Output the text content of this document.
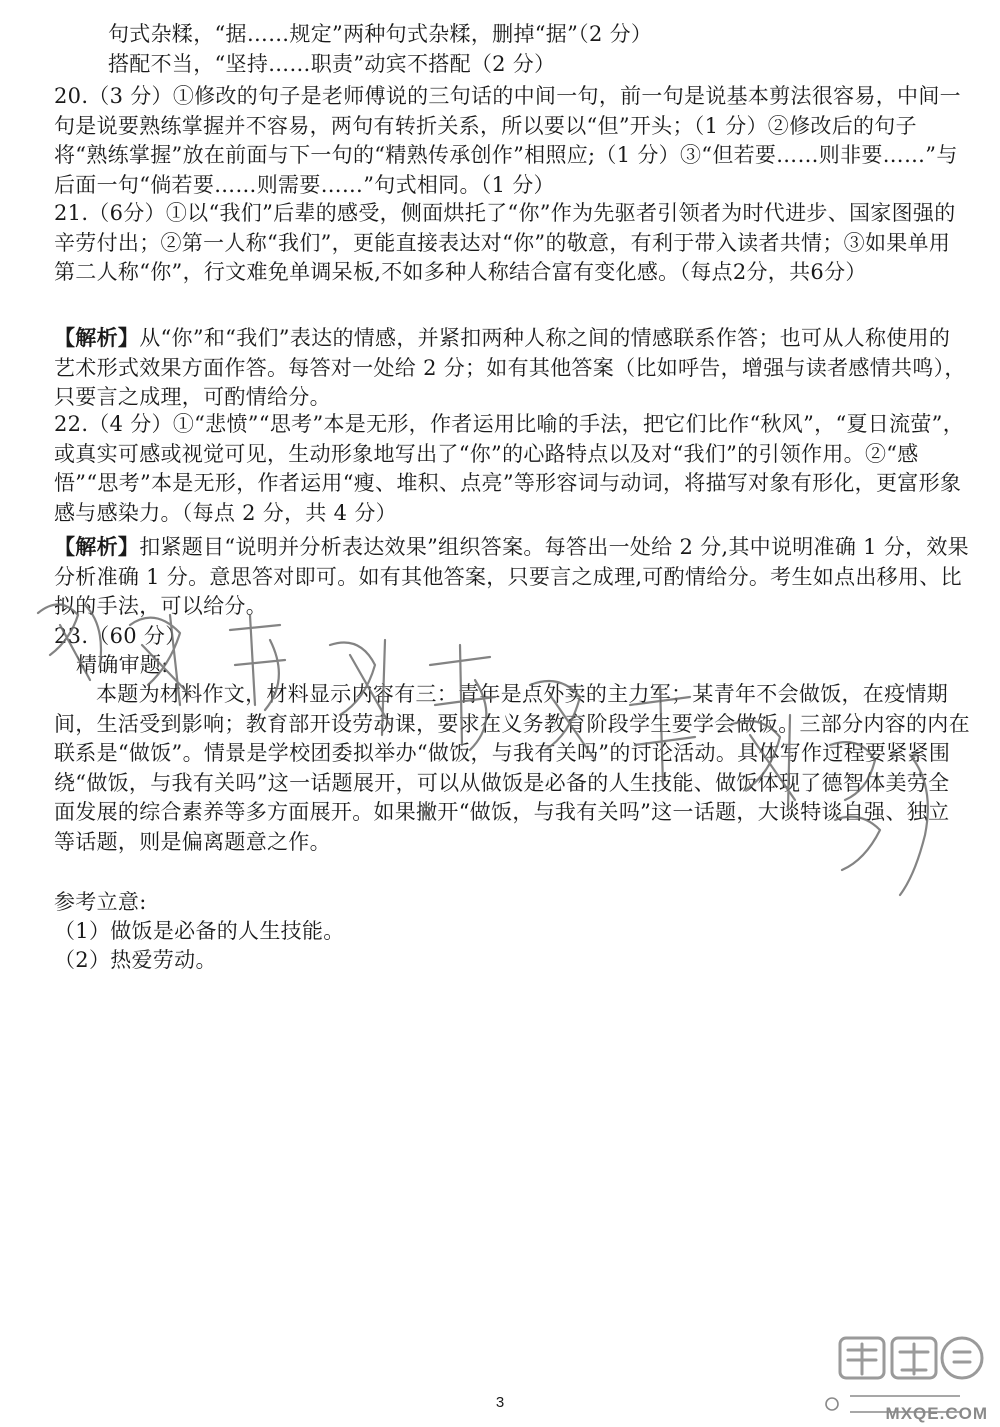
句式杂糅，“据……规定”两种句式杂糅，删掉“据”（2 分）

搭配不当，“坚持……职责”动宾不搭配（2 分）

20.（3 分）①修改的句子是老师傅说的三句话的中间一句，前一句是说基本剪法很容易，中间一句是说要熟练掌握并不容易，两句有转折关系，所以要以“但”开头；（1 分）②修改后的句子将“熟练掌握”放在前面与下一句的“精熟传承创作”相照应;（1 分）③“但若要……则非要……”与后面一句“倘若要……则需要……”句式相同。（1 分）

21.（6分）①以“我们”后辈的感受，侧面烘托了“你”作为先驱者引领者为时代进步、国家图强的辛劳付出；②第一人称“我们”，更能直接表达对“你”的敬意，有利于带入读者共情；③如果单用第二人称“你”，行文难免单调呆板,不如多种人称结合富有变化感。（每点2分，共6分）

【解析】从“你”和“我们”表达的情感，并紧扣两种人称之间的情感联系作答；也可从人称使用的艺术形式效果方面作答。每答对一处给 2 分；如有其他答案（比如呼告，增强与读者感情共鸣），只要言之成理，可酌情给分。

22.（4 分）①“悲愤”“思考”本是无形，作者运用比喻的手法，把它们比作“秋风”，“夏日流萤”，或真实可感或视觉可见，生动形象地写出了“你”的心路特点以及对“我们”的引领作用。②“感悟”“思考”本是无形，作者运用“瘦、堆积、点亮”等形容词与动词，将描写对象有形化，更富形象感与感染力。（每点 2 分，共 4 分）

【解析】扣紧题目“说明并分析表达效果”组织答案。每答出一处给 2 分,其中说明准确 1 分，效果分析准确 1 分。意思答对即可。如有其他答案，只要言之成理,可酌情给分。考生如点出移用、比拟的手法，可以给分。

23.（60 分）

精确审题:

本题为材料作文，材料显示内容有三：青年是点外卖的主力军；某青年不会做饭，在疫情期间，生活受到影响；教育部开设劳动课，要求在义务教育阶段学生要学会做饭。三部分内容的内在联系是“做饭”。情景是学校团委拟举办“做饭，与我有关吗”的讨论活动。具体写作过程要紧紧围绕“做饭，与我有关吗”这一话题展开，可以从做饭是必备的人生技能、做饭体现了德智体美劳全面发展的综合素养等多方面展开。如果撇开“做饭，与我有关吗”这一话题，大谈特谈自强、独立等话题，则是偏离题意之作。

参考立意:

（1）做饭是必备的人生技能。

（2）热爱劳动。

3
MXQE.COM
